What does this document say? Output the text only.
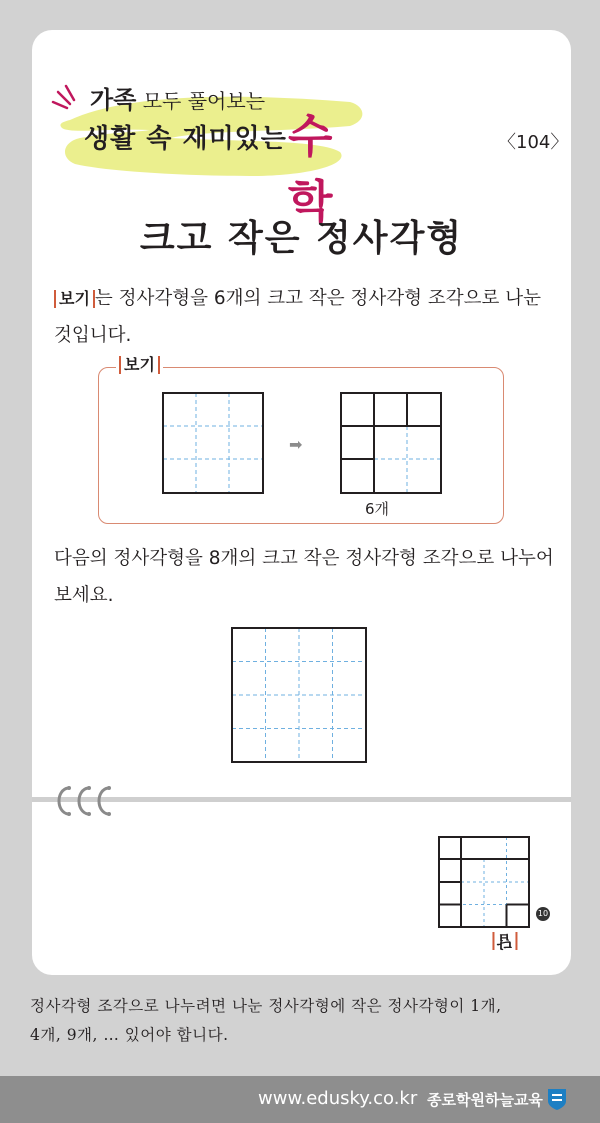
가족 모두 풀어보는
생활 속 재미있는 수학
〈104〉
크고 작은 정사각형
보기 는 정사각형을 6개의 크고 작은 정사각형 조각으로 나눈
것입니다.
보기
➡
6개
다음의 정사각형을 8개의 크고 작은 정사각형 조각으로 나누어
보세요.
10
답
정사각형 조각으로 나누려면 나눈 정사각형에 작은 정사각형이 1개,
4개, 9개, … 있어야 합니다.
www.edusky.co.kr 종로학원하늘교육
